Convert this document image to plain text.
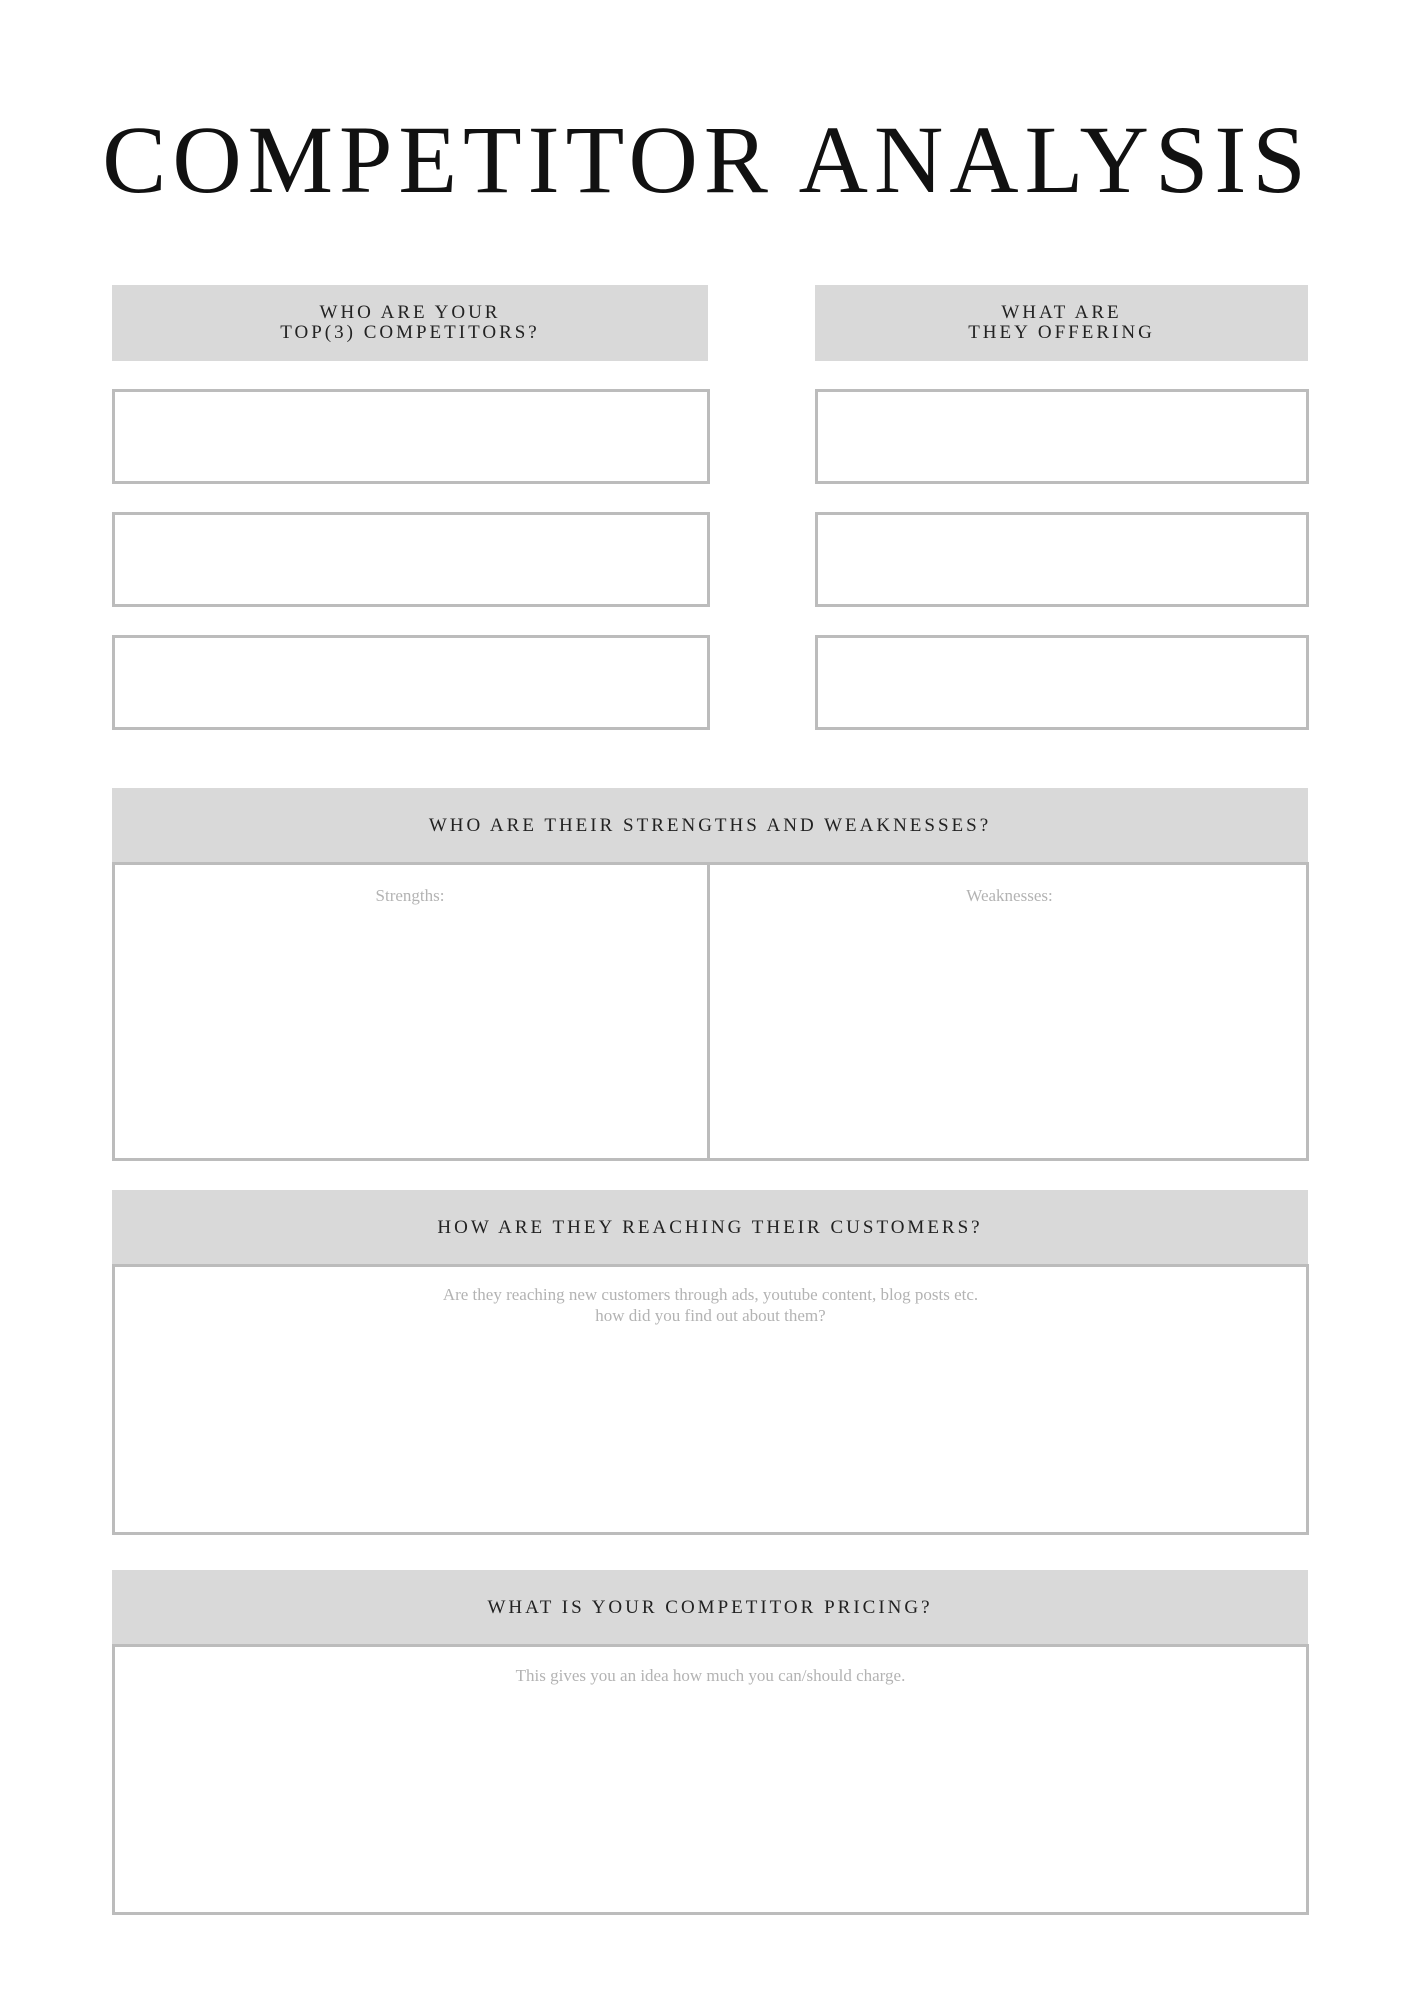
COMPETITOR ANALYSIS
WHO ARE YOUR
TOP(3) COMPETITORS?
WHAT ARE
THEY OFFERING
WHO ARE THEIR STRENGTHS AND WEAKNESSES?
Strengths:	Weaknesses:
HOW ARE THEY REACHING THEIR CUSTOMERS?
Are they reaching new customers through ads, youtube content, blog posts etc.
how did you find out about them?
WHAT IS YOUR COMPETITOR PRICING?
This gives you an idea how much you can/should charge.
